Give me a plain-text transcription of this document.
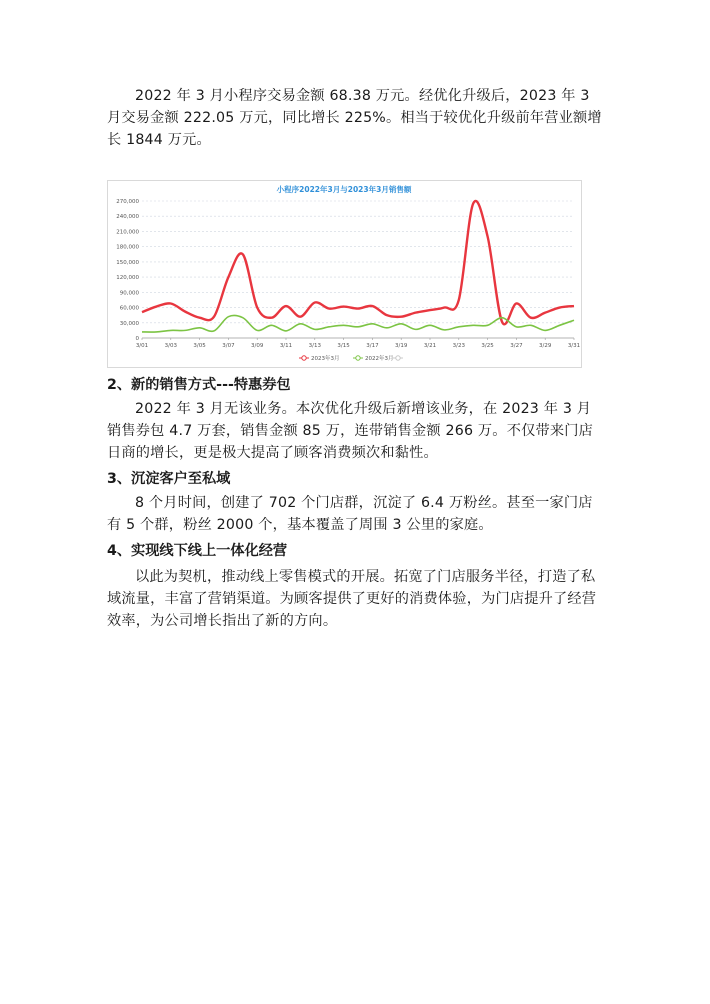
2022 年 3 月小程序交易金额 68.38 万元。经优化升级后，2023 年 3 月交易金额 222.05 万元，同比增长 225%。相当于较优化升级前年营业额增长 1844 万元。

小程序2022年3月与2023年3月销售额
0
30,000
60,000
90,000
120,000
150,000
180,000
210,000
240,000
270,000
3/01	3/03	3/05	3/07	3/09	3/11	3/13	3/15	3/17	3/19	3/21	3/23	3/25	3/27	3/29	3/31
2023年3月	2022年3月

2、新的销售方式---特惠券包

2022 年 3 月无该业务。本次优化升级后新增该业务，在 2023 年 3 月销售券包 4.7 万套，销售金额 85 万，连带销售金额 266 万。不仅带来门店日商的增长，更是极大提高了顾客消费频次和黏性。

3、沉淀客户至私域

8 个月时间，创建了 702 个门店群，沉淀了 6.4 万粉丝。甚至一家门店有 5 个群，粉丝 2000 个，基本覆盖了周围 3 公里的家庭。

4、实现线下线上一体化经营

以此为契机，推动线上零售模式的开展。拓宽了门店服务半径，打造了私域流量，丰富了营销渠道。为顾客提供了更好的消费体验，为门店提升了经营效率，为公司增长指出了新的方向。
